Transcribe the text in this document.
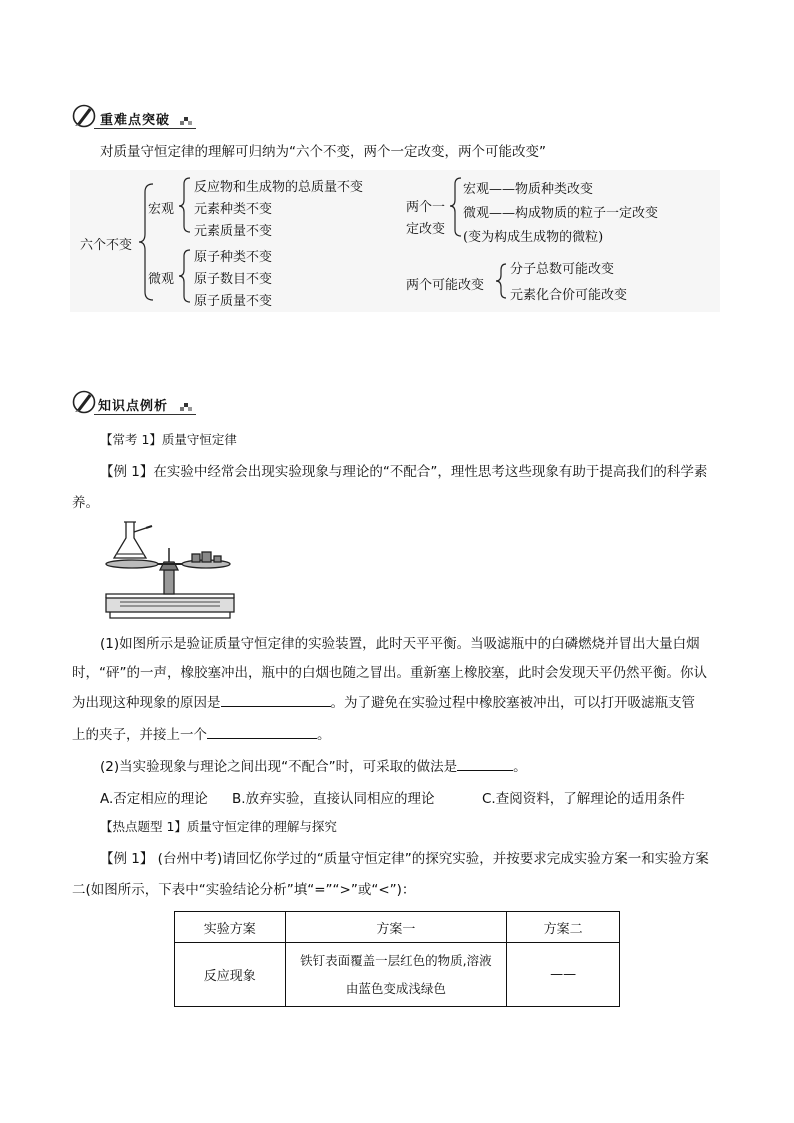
重难点突破
对质量守恒定律的理解可归纳为“六个不变，两个一定改变，两个可能改变”
六个不变
宏观
反应物和生成物的总质量不变
元素种类不变
元素质量不变
微观
原子种类不变
原子数目不变
原子质量不变
两个一
定改变
宏观——物质种类改变
微观——构成物质的粒子一定改变
(变为构成生成物的微粒)
两个可能改变
分子总数可能改变
元素化合价可能改变
知识点例析
【常考 1】质量守恒定律
【例 1】在实验中经常会出现实验现象与理论的“不配合”，理性思考这些现象有助于提高我们的科学素
养。
(1)如图所示是验证质量守恒定律的实验装置，此时天平平衡。当吸滤瓶中的白磷燃烧并冒出大量白烟
时，“砰”的一声，橡胶塞冲出，瓶中的白烟也随之冒出。重新塞上橡胶塞，此时会发现天平仍然平衡。你认
为出现这种现象的原因是	。为了避免在实验过程中橡胶塞被冲出，可以打开吸滤瓶支管
上的夹子，并接上一个	。
(2)当实验现象与理论之间出现“不配合”时，可采取的做法是	。
A.否定相应的理论 B.放弃实验，直接认同相应的理论	C.查阅资料，了解理论的适用条件
【热点题型 1】质量守恒定律的理解与探究
【例 1】 (台州中考)请回忆你学过的“质量守恒定律”的探究实验，并按要求完成实验方案一和实验方案
二(如图所示，下表中“实验结论分析”填“=”“>”或“<”)：
实验方案	方案一	方案二
反应现象	铁钉表面覆盖一层红色的物质,溶液
由蓝色变成浅绿色	——
